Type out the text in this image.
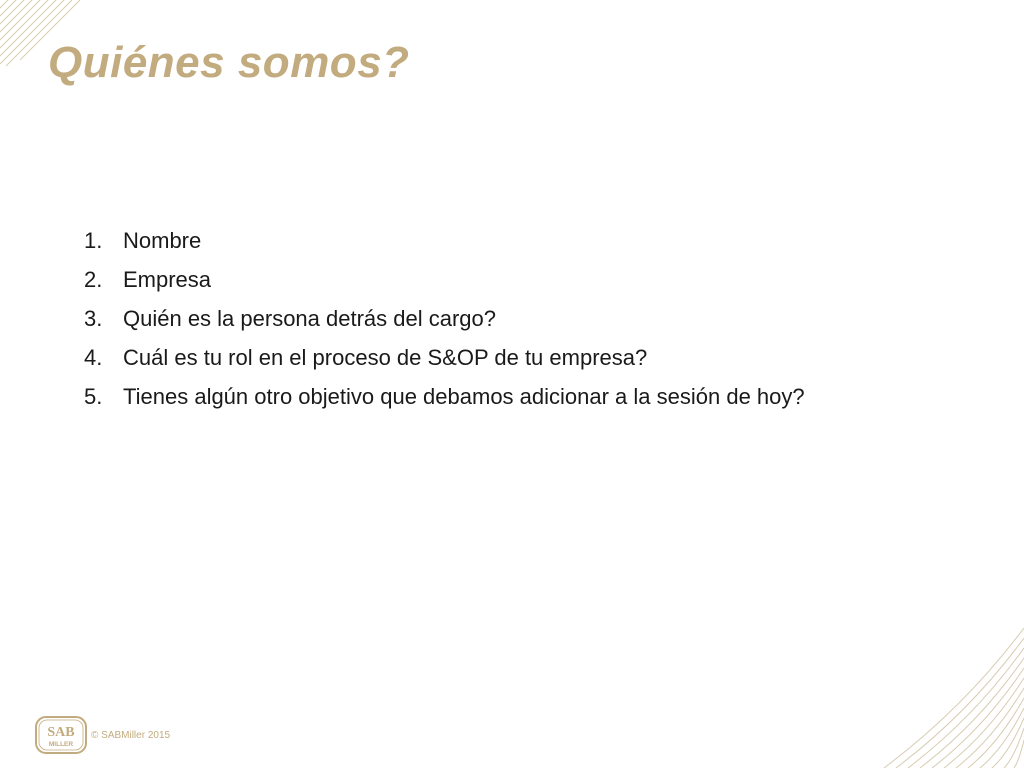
Quiénes somos?
1. Nombre
2. Empresa
3. Quién es la persona detrás del cargo?
4. Cuál es tu rol en el proceso de S&OP de tu empresa?
5. Tienes algún otro objetivo que debamos adicionar a la sesión de hoy?
SAB
MILLER
© SABMiller 2015
